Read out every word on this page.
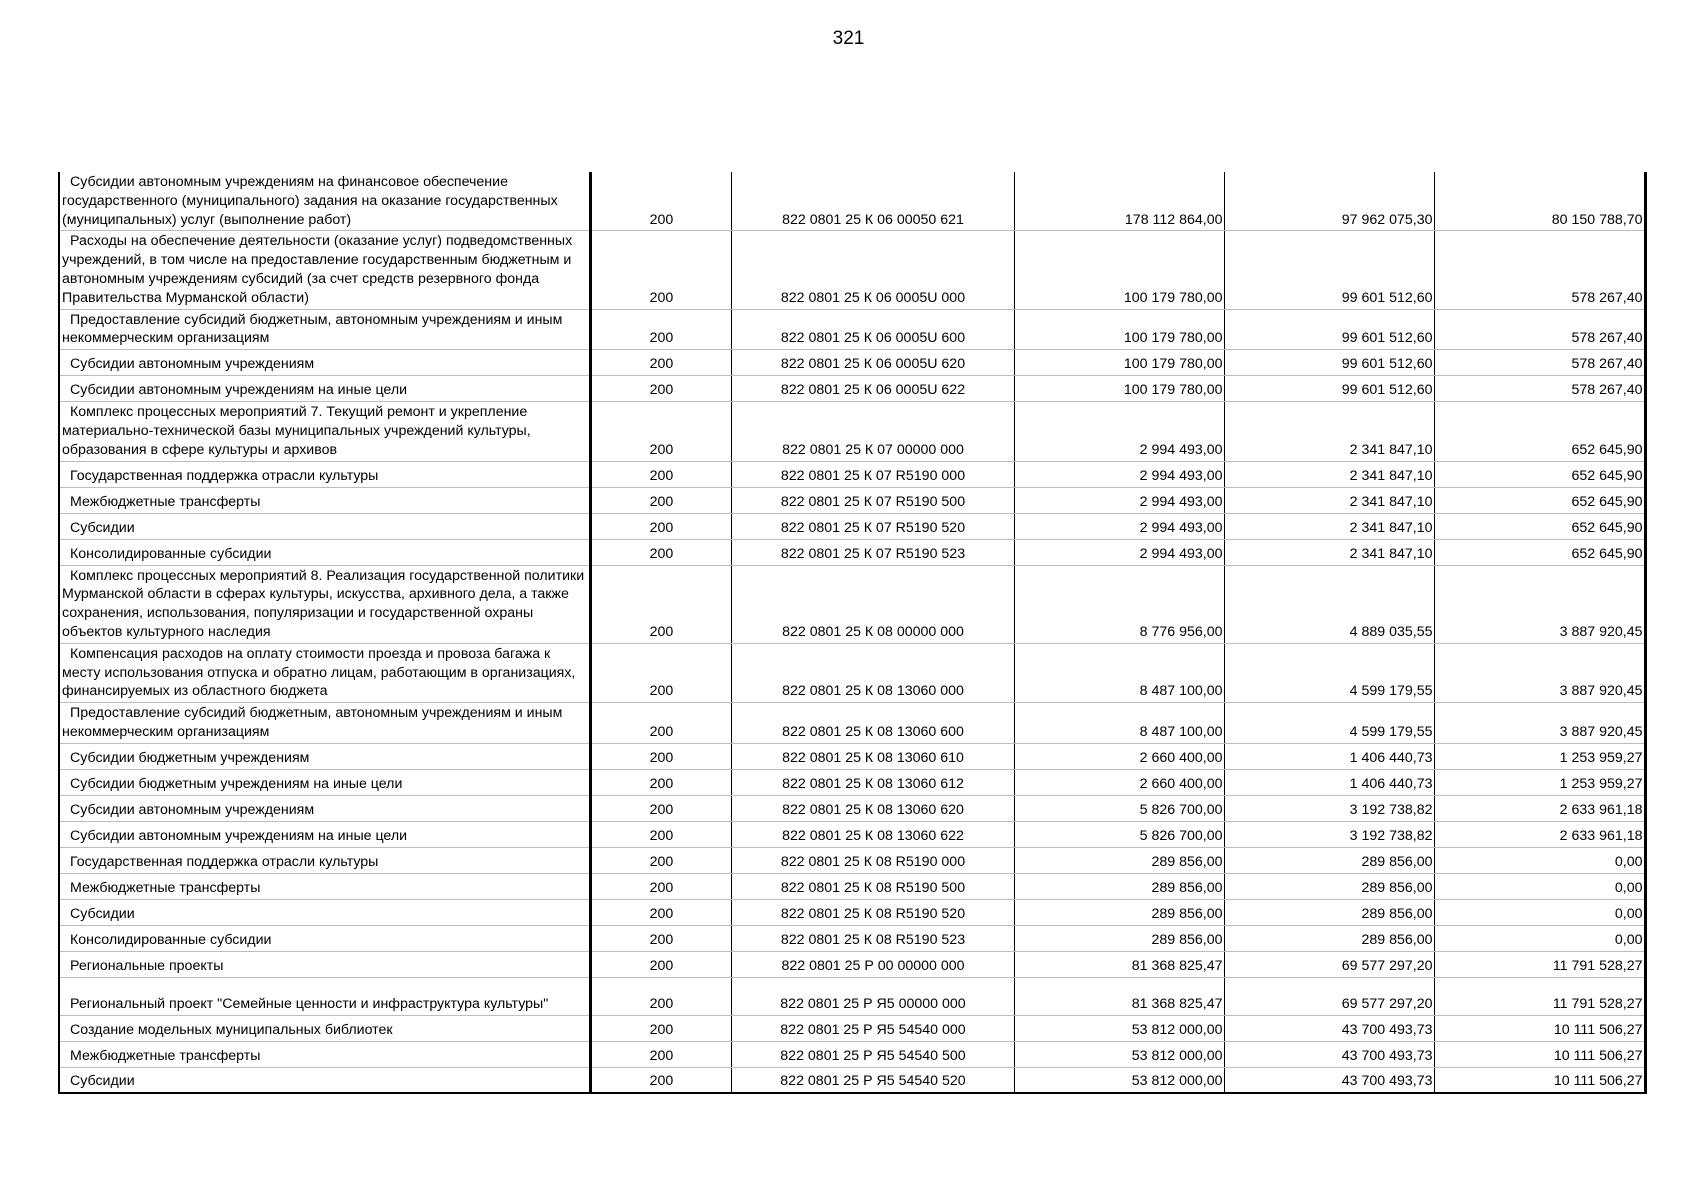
321
Субсидии автономным учреждениям на финансовое обеспечение государственного (муниципального) задания на оказание государственных (муниципальных) услуг (выполнение работ)	200	822 0801 25 К 06 00050 621	178 112 864,00	97 962 075,30	80 150 788,70
Расходы на обеспечение деятельности (оказание услуг) подведомственных учреждений, в том числе на предоставление государственным бюджетным и автономным учреждениям субсидий (за счет средств резервного фонда Правительства Мурманской области)	200	822 0801 25 К 06 0005U 000	100 179 780,00	99 601 512,60	578 267,40
Предоставление субсидий бюджетным, автономным учреждениям и иным некоммерческим организациям	200	822 0801 25 К 06 0005U 600	100 179 780,00	99 601 512,60	578 267,40
Субсидии автономным учреждениям	200	822 0801 25 К 06 0005U 620	100 179 780,00	99 601 512,60	578 267,40
Субсидии автономным учреждениям на иные цели	200	822 0801 25 К 06 0005U 622	100 179 780,00	99 601 512,60	578 267,40
Комплекс процессных мероприятий 7. Текущий ремонт и укрепление материально-технической базы муниципальных учреждений культуры, образования в сфере культуры и архивов	200	822 0801 25 К 07 00000 000	2 994 493,00	2 341 847,10	652 645,90
Государственная поддержка отрасли культуры	200	822 0801 25 К 07 R5190 000	2 994 493,00	2 341 847,10	652 645,90
Межбюджетные трансферты	200	822 0801 25 К 07 R5190 500	2 994 493,00	2 341 847,10	652 645,90
Субсидии	200	822 0801 25 К 07 R5190 520	2 994 493,00	2 341 847,10	652 645,90
Консолидированные субсидии	200	822 0801 25 К 07 R5190 523	2 994 493,00	2 341 847,10	652 645,90
Комплекс процессных мероприятий 8. Реализация государственной политики Мурманской области в сферах культуры, искусства, архивного дела, а также сохранения, использования, популяризации и государственной охраны объектов культурного наследия	200	822 0801 25 К 08 00000 000	8 776 956,00	4 889 035,55	3 887 920,45
Компенсация расходов на оплату стоимости проезда и провоза багажа к месту использования отпуска и обратно лицам, работающим в организациях, финансируемых из областного бюджета	200	822 0801 25 К 08 13060 000	8 487 100,00	4 599 179,55	3 887 920,45
Предоставление субсидий бюджетным, автономным учреждениям и иным некоммерческим организациям	200	822 0801 25 К 08 13060 600	8 487 100,00	4 599 179,55	3 887 920,45
Субсидии бюджетным учреждениям	200	822 0801 25 К 08 13060 610	2 660 400,00	1 406 440,73	1 253 959,27
Субсидии бюджетным учреждениям на иные цели	200	822 0801 25 К 08 13060 612	2 660 400,00	1 406 440,73	1 253 959,27
Субсидии автономным учреждениям	200	822 0801 25 К 08 13060 620	5 826 700,00	3 192 738,82	2 633 961,18
Субсидии автономным учреждениям на иные цели	200	822 0801 25 К 08 13060 622	5 826 700,00	3 192 738,82	2 633 961,18
Государственная поддержка отрасли культуры	200	822 0801 25 К 08 R5190 000	289 856,00	289 856,00	0,00
Межбюджетные трансферты	200	822 0801 25 К 08 R5190 500	289 856,00	289 856,00	0,00
Субсидии	200	822 0801 25 К 08 R5190 520	289 856,00	289 856,00	0,00
Консолидированные субсидии	200	822 0801 25 К 08 R5190 523	289 856,00	289 856,00	0,00
Региональные проекты	200	822 0801 25 Р 00 00000 000	81 368 825,47	69 577 297,20	11 791 528,27
Региональный проект "Семейные ценности и инфраструктура культуры"	200	822 0801 25 Р Я5 00000 000	81 368 825,47	69 577 297,20	11 791 528,27
Создание модельных муниципальных библиотек	200	822 0801 25 Р Я5 54540 000	53 812 000,00	43 700 493,73	10 111 506,27
Межбюджетные трансферты	200	822 0801 25 Р Я5 54540 500	53 812 000,00	43 700 493,73	10 111 506,27
Субсидии	200	822 0801 25 Р Я5 54540 520	53 812 000,00	43 700 493,73	10 111 506,27
